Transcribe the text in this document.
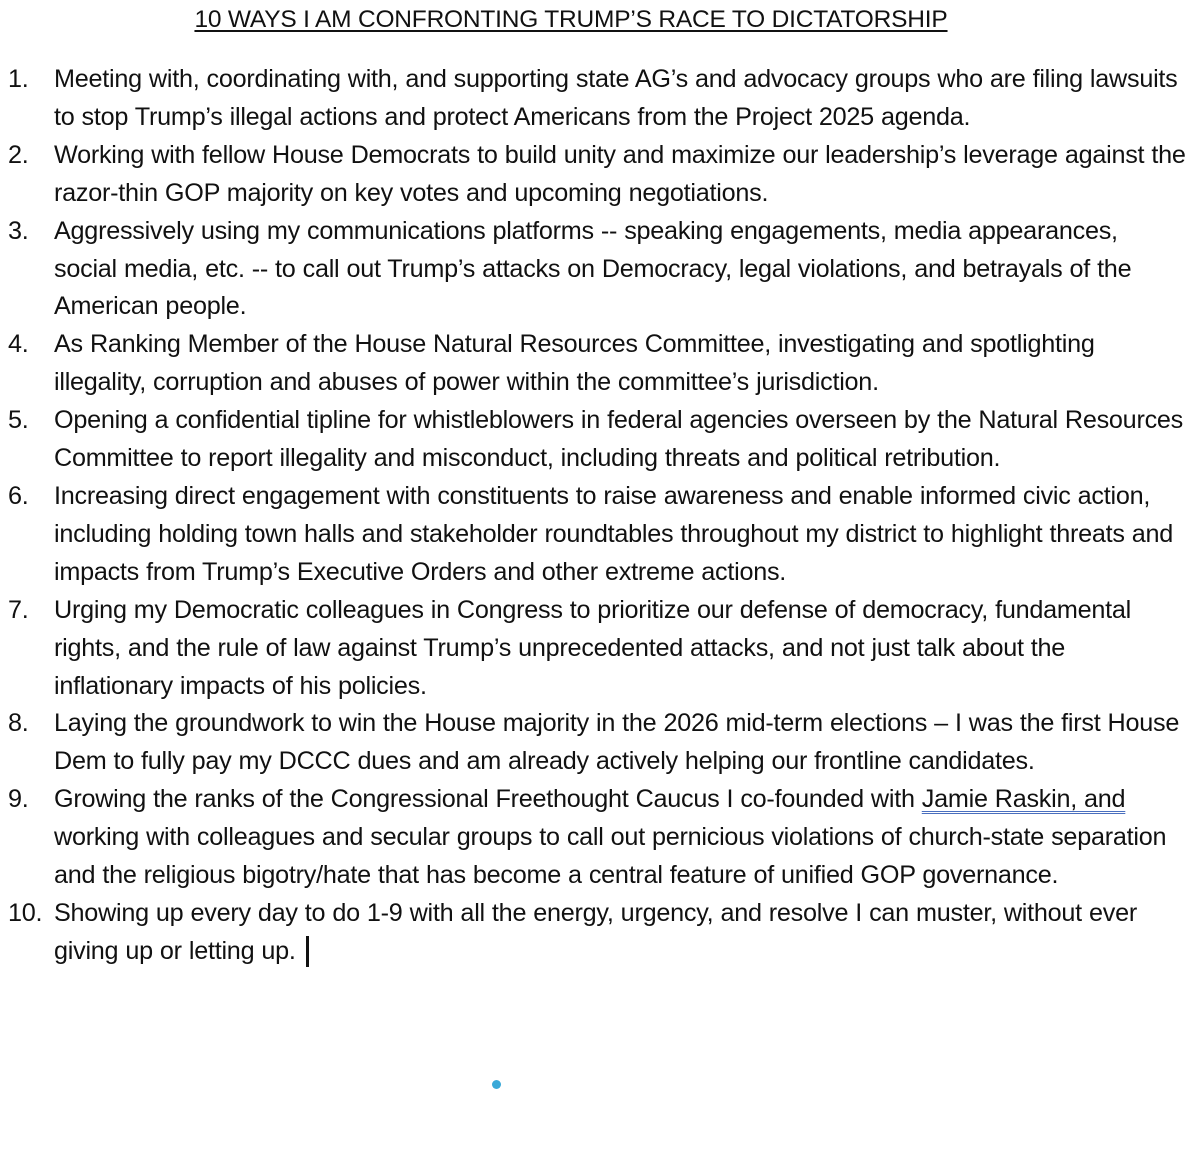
10 WAYS I AM CONFRONTING TRUMP’S RACE TO DICTATORSHIP
1. Meeting with, coordinating with, and supporting state AG’s and advocacy groups who are filing lawsuits to stop Trump’s illegal actions and protect Americans from the Project 2025 agenda.
2. Working with fellow House Democrats to build unity and maximize our leadership’s leverage against the razor-thin GOP majority on key votes and upcoming negotiations.
3. Aggressively using my communications platforms -- speaking engagements, media appearances, social media, etc. -- to call out Trump’s attacks on Democracy, legal violations, and betrayals of the American people.
4. As Ranking Member of the House Natural Resources Committee, investigating and spotlighting illegality, corruption and abuses of power within the committee’s jurisdiction.
5. Opening a confidential tipline for whistleblowers in federal agencies overseen by the Natural Resources Committee to report illegality and misconduct, including threats and political retribution.
6. Increasing direct engagement with constituents to raise awareness and enable informed civic action, including holding town halls and stakeholder roundtables throughout my district to highlight threats and impacts from Trump’s Executive Orders and other extreme actions.
7. Urging my Democratic colleagues in Congress to prioritize our defense of democracy, fundamental rights, and the rule of law against Trump’s unprecedented attacks, and not just talk about the inflationary impacts of his policies.
8. Laying the groundwork to win the House majority in the 2026 mid-term elections – I was the first House Dem to fully pay my DCCC dues and am already actively helping our frontline candidates.
9. Growing the ranks of the Congressional Freethought Caucus I co-founded with Jamie Raskin, and working with colleagues and secular groups to call out pernicious violations of church-state separation and the religious bigotry/hate that has become a central feature of unified GOP governance.
10. Showing up every day to do 1-9 with all the energy, urgency, and resolve I can muster, without ever giving up or letting up.
